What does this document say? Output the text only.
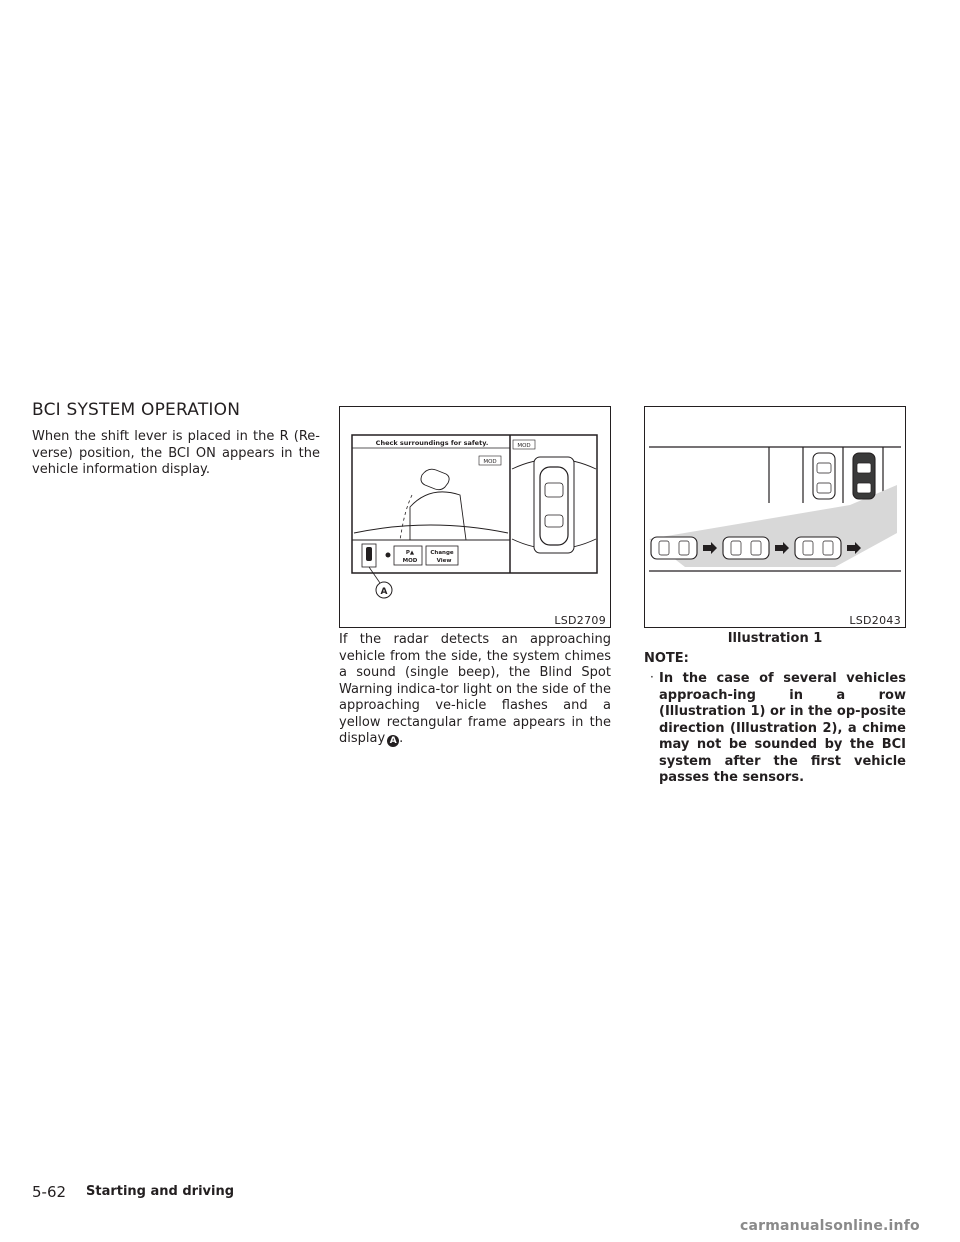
BCI SYSTEM OPERATION

When the shift lever is placed in the R (Re-verse) position, the BCI ON appears in the vehicle information display.

Check surroundings for safety.
MOD
P▲
MOD
Change
View
MOD
A
LSD2709

If the radar detects an approaching vehicle from the side, the system chimes a sound (single beep), the Blind Spot Warning indica-tor light on the side of the approaching ve-hicle flashes and a yellow rectangular frame appears in the display A .

LSD2043
Illustration 1
NOTE:
· In the case of several vehicles approach-ing in a row (Illustration 1) or in the op-posite direction (Illustration 2), a chime may not be sounded by the BCI system after the first vehicle passes the sensors.
5-62 Starting and driving
carmanualsonline.info
